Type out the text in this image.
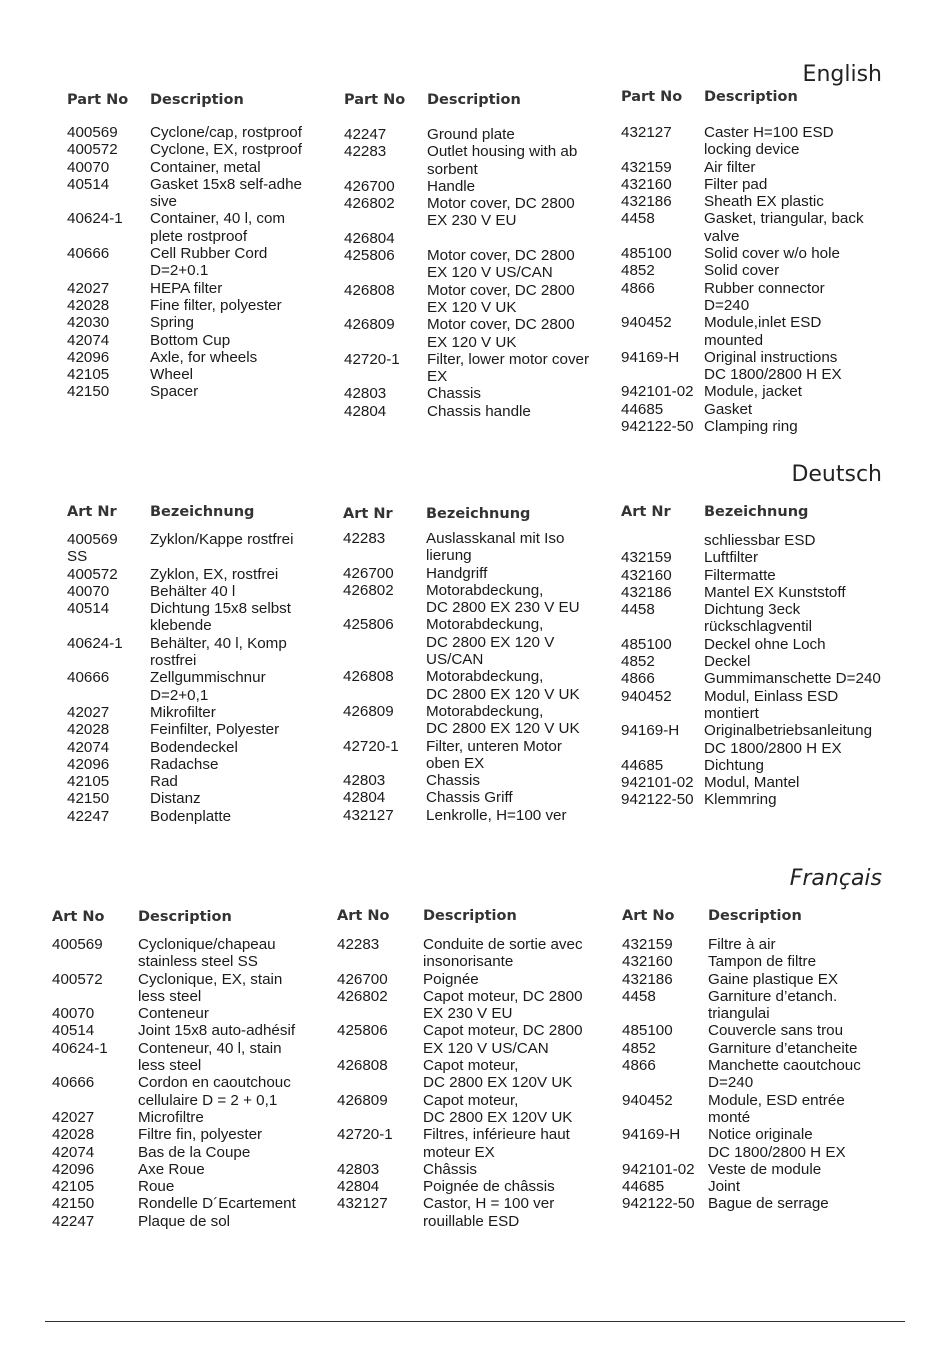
English
Deutsch
Français
Part No Description
400569 Cyclone/cap, rostproof
400572 Cyclone, EX, rostproof
40070	Container, metal
40514	Gasket 15x8 self-adhe
sive
40624-1 Container, 40 l, com
plete rostproof
40666	Cell Rubber Cord
D=2+0.1
42027	HEPA filter
42028	Fine filter, polyester
42030	Spring
42074	Bottom Cup
42096	Axle, for wheels
42105	Wheel
42150	Spacer
Part No Description
42247	Ground plate
42283	Outlet housing with ab
sorbent
426700 Handle
426802 Motor cover, DC 2800
EX 230 V EU
426804
425806 Motor cover, DC 2800
EX 120 V US/CAN
426808 Motor cover, DC 2800
EX 120 V UK
426809 Motor cover, DC 2800
EX 120 V UK
42720-1 Filter, lower motor cover
EX
42803	Chassis
42804	Chassis handle
Part No Description
432127 Caster H=100 ESD
locking device
432159 Air filter
432160 Filter pad
432186 Sheath EX plastic
4458	Gasket, triangular, back
valve
485100 Solid cover w/o hole
4852	Solid cover
4866	Rubber connector
D=240
940452 Module,inlet ESD
mounted
94169-H Original instructions
DC 1800/2800 H EX
942101-02 Module, jacket
44685	Gasket
942122-50 Clamping ring
Art Nr Bezeichnung
400569 Zyklon/Kappe rostfrei
SS
400572 Zyklon, EX, rostfrei
40070	Behälter 40 l
40514	Dichtung 15x8 selbst
klebende
40624-1 Behälter, 40 l, Komp
rostfrei
40666	Zellgummischnur
D=2+0,1
42027	Mikrofilter
42028	Feinfilter, Polyester
42074	Bodendeckel
42096	Radachse
42105	Rad
42150	Distanz
42247	Bodenplatte
Art Nr Bezeichnung
42283	Auslasskanal mit Iso
lierung
426700 Handgriff
426802 Motorabdeckung,
DC 2800 EX 230 V EU
425806 Motorabdeckung,
DC 2800 EX 120 V
US/CAN
426808 Motorabdeckung,
DC 2800 EX 120 V UK
426809 Motorabdeckung,
DC 2800 EX 120 V UK
42720-1 Filter, unteren Motor
oben EX
42803	Chassis
42804	Chassis Griff
432127 Lenkrolle, H=100 ver
Art Nr Bezeichnung
schliessbar ESD
432159 Luftfilter
432160 Filtermatte
432186 Mantel EX Kunststoff
4458	Dichtung 3eck
rückschlagventil
485100 Deckel ohne Loch
4852	Deckel
4866	Gummimanschette D=240
940452 Modul, Einlass ESD
montiert
94169-H Originalbetriebsanleitung
DC 1800/2800 H EX
44685	Dichtung
942101-02 Modul, Mantel
942122-50 Klemmring
Art No Description
400569 Cyclonique/chapeau
stainless steel SS
400572 Cyclonique, EX, stain
less steel
40070	Conteneur
40514	Joint 15x8 auto-adhésif
40624-1 Conteneur, 40 l, stain
less steel
40666	Cordon en caoutchouc
cellulaire D = 2 + 0,1
42027	Microfiltre
42028	Filtre fin, polyester
42074	Bas de la Coupe
42096	Axe Roue
42105	Roue
42150	Rondelle D´Ecartement
42247	Plaque de sol
Art No Description
42283	Conduite de sortie avec
insonorisante
426700 Poignée
426802 Capot moteur, DC 2800
EX 230 V EU
425806 Capot moteur, DC 2800
EX 120 V US/CAN
426808 Capot moteur,
DC 2800 EX 120V UK
426809 Capot moteur,
DC 2800 EX 120V UK
42720-1 Filtres, inférieure haut
moteur EX
42803	Châssis
42804	Poignée de châssis
432127 Castor, H = 100 ver
rouillable ESD
Art No Description
432159 Filtre à air
432160 Tampon de filtre
432186 Gaine plastique EX
4458	Garniture d’etanch.
triangulai
485100 Couvercle sans trou
4852	Garniture d’etancheite
4866	Manchette caoutchouc
D=240
940452 Module, ESD entrée
monté
94169-H Notice originale
DC 1800/2800 H EX
942101-02 Veste de module
44685	Joint
942122-50 Bague de serrage
